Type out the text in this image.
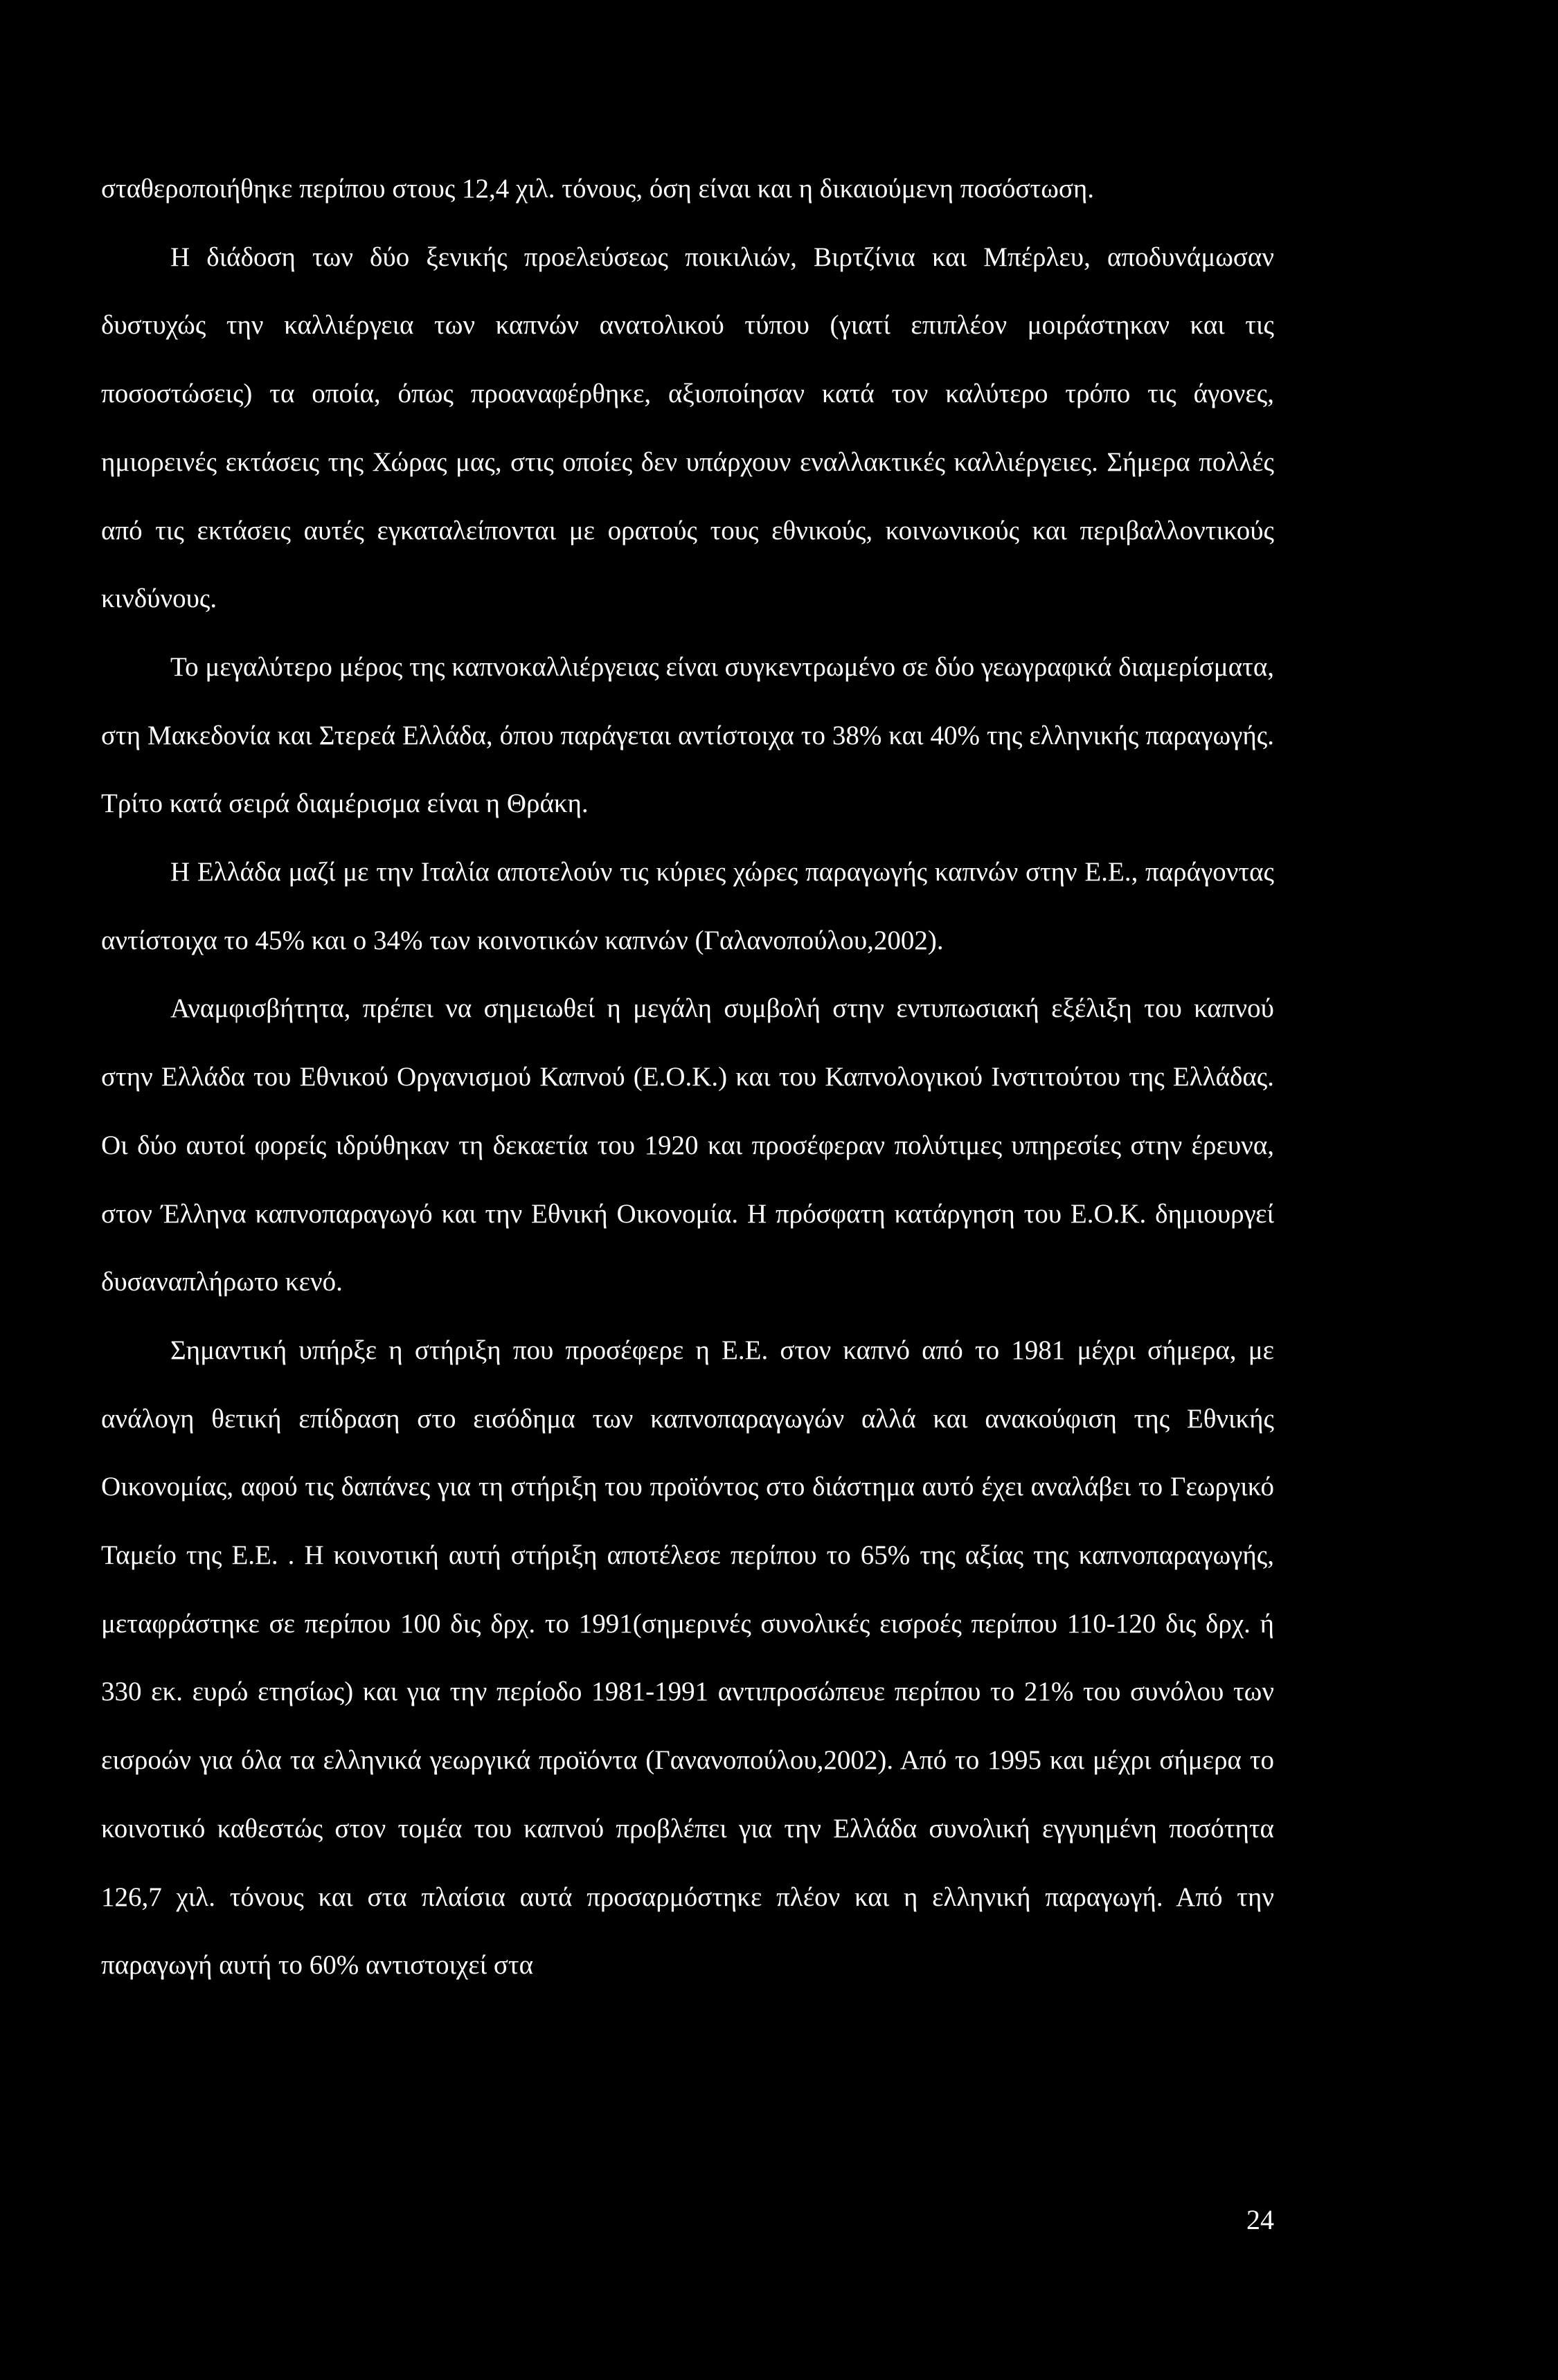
σταθεροποιήθηκε περίπου στους 12,4 χιλ. τόνους, όση είναι και η δικαιούμενη ποσόστωση.

Η διάδοση των δύο ξενικής προελεύσεως ποικιλιών, Βιρτζίνια και Μπέρλευ, αποδυνάμωσαν δυστυχώς την καλλιέργεια των καπνών ανατολικού τύπου (γιατί επιπλέον μοιράστηκαν και τις ποσοστώσεις) τα οποία, όπως προαναφέρθηκε, αξιοποίησαν κατά τον καλύτερο τρόπο τις άγονες, ημιορεινές εκτάσεις της Χώρας μας, στις οποίες δεν υπάρχουν εναλλακτικές καλλιέργειες. Σήμερα πολλές από τις εκτάσεις αυτές εγκαταλείπονται με ορατούς τους εθνικούς, κοινωνικούς και περιβαλλοντικούς κινδύνους.

Το μεγαλύτερο μέρος της καπνοκαλλιέργειας είναι συγκεντρωμένο σε δύο γεωγραφικά διαμερίσματα, στη Μακεδονία και Στερεά Ελλάδα, όπου παράγεται αντίστοιχα το 38% και 40% της ελληνικής παραγωγής. Τρίτο κατά σειρά διαμέρισμα είναι η Θράκη.

Η Ελλάδα μαζί με την Ιταλία αποτελούν τις κύριες χώρες παραγωγής καπνών στην Ε.Ε., παράγοντας αντίστοιχα το 45% και ο 34% των κοινοτικών καπνών (Γαλανοπούλου,2002).

Αναμφισβήτητα, πρέπει να σημειωθεί η μεγάλη συμβολή στην εντυπωσιακή εξέλιξη του καπνού στην Ελλάδα του Εθνικού Οργανισμού Καπνού (Ε.Ο.Κ.) και του Καπνολογικού Ινστιτούτου της Ελλάδας. Οι δύο αυτοί φορείς ιδρύθηκαν τη δεκαετία του 1920 και προσέφεραν πολύτιμες υπηρεσίες στην έρευνα, στον Έλληνα καπνοπαραγωγό και την Εθνική Οικονομία. Η πρόσφατη κατάργηση του Ε.Ο.Κ. δημιουργεί δυσαναπλήρωτο κενό.

Σημαντική υπήρξε η στήριξη που προσέφερε η Ε.Ε. στον καπνό από το 1981 μέχρι σήμερα, με ανάλογη θετική επίδραση στο εισόδημα των καπνοπαραγωγών αλλά και ανακούφιση της Εθνικής Οικονομίας, αφού τις δαπάνες για τη στήριξη του προϊόντος στο διάστημα αυτό έχει αναλάβει το Γεωργικό Ταμείο της Ε.Ε. . Η κοινοτική αυτή στήριξη αποτέλεσε περίπου το 65% της αξίας της καπνοπαραγωγής, μεταφράστηκε σε περίπου 100 δις δρχ. το 1991(σημερινές συνολικές εισροές περίπου 110-120 δις δρχ. ή 330 εκ. ευρώ ετησίως) και για την περίοδο 1981-1991 αντιπροσώπευε περίπου το 21% του συνόλου των εισροών για όλα τα ελληνικά γεωργικά προϊόντα (Γανανοπούλου,2002). Από το 1995 και μέχρι σήμερα το κοινοτικό καθεστώς στον τομέα του καπνού προβλέπει για την Ελλάδα συνολική εγγυημένη ποσότητα 126,7 χιλ. τόνους και στα πλαίσια αυτά προσαρμόστηκε πλέον και η ελληνική παραγωγή. Από την παραγωγή αυτή το 60% αντιστοιχεί στα

24
